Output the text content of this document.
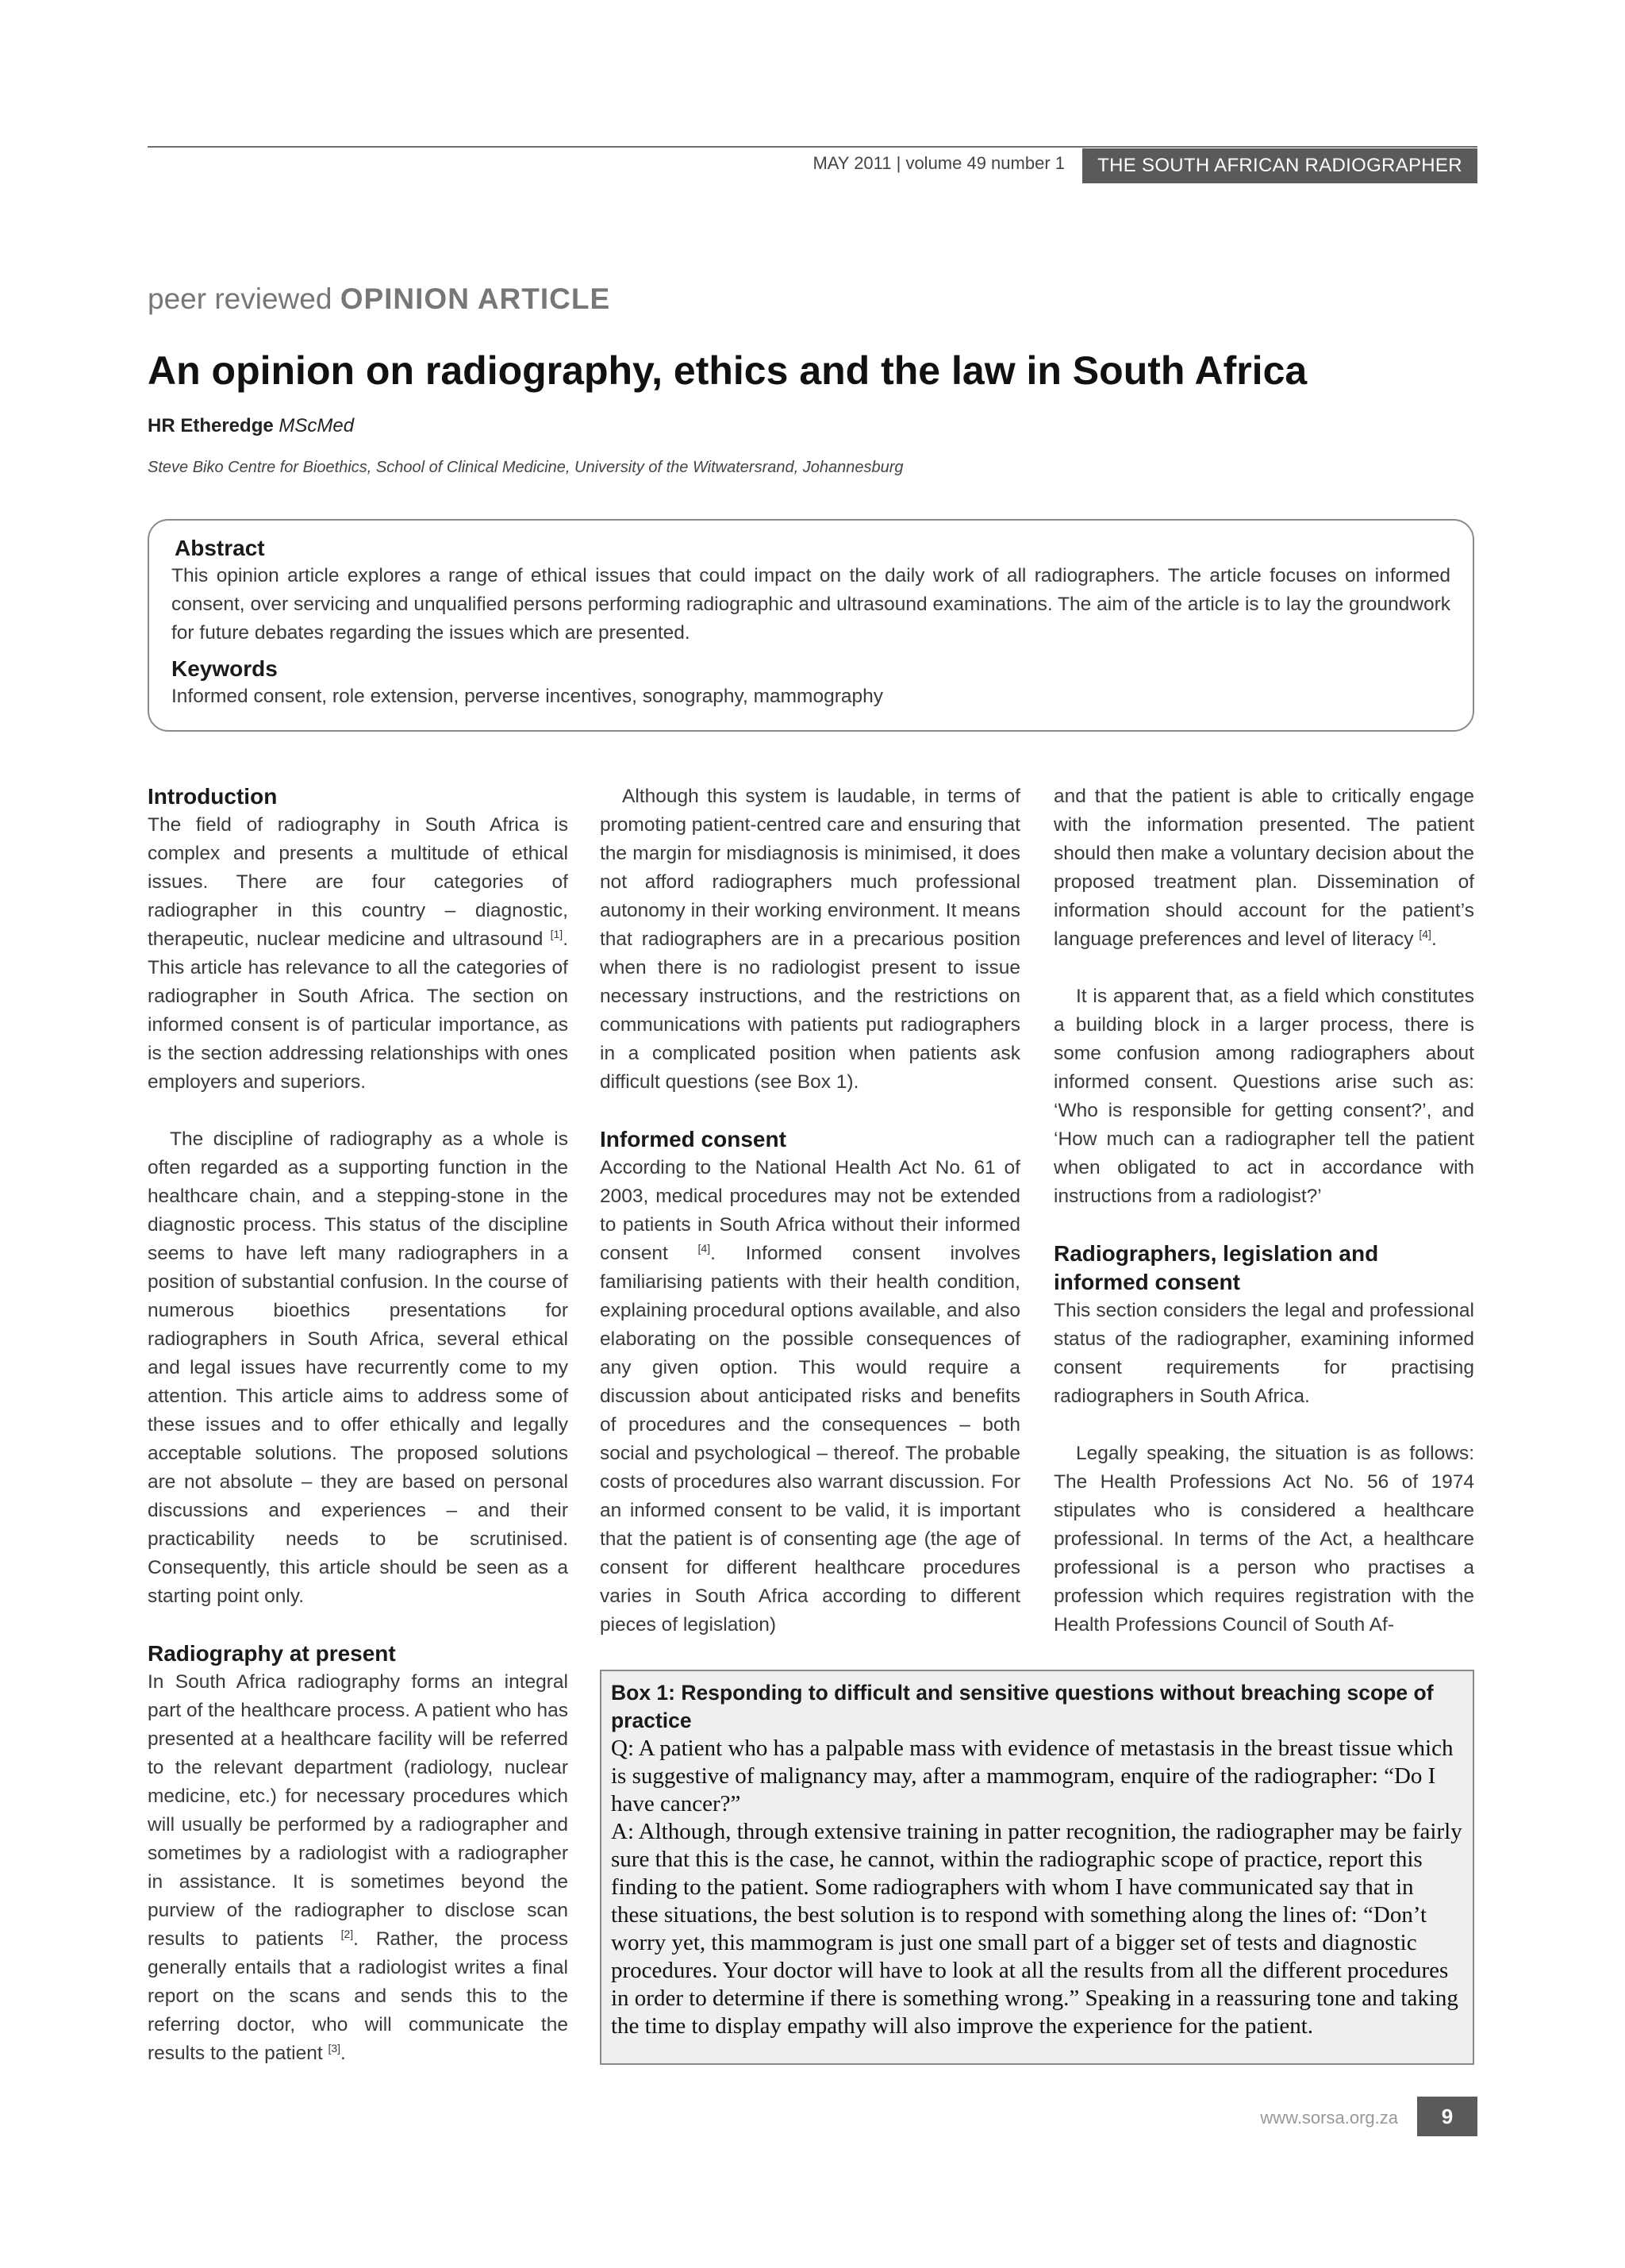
MAY 2011 | volume 49 number 1	THE SOUTH AFRICAN RADIOGRAPHER
peer reviewed OPINION ARTICLE
An opinion on radiography, ethics and the law in South Africa
HR Etheredge MScMed
Steve Biko Centre for Bioethics, School of Clinical Medicine, University of the Witwatersrand, Johannesburg
Abstract
This opinion article explores a range of ethical issues that could impact on the daily work of all radiographers. The article focuses on informed consent, over servicing and unqualified persons performing radiographic and ultrasound examinations. The aim of the article is to lay the groundwork for future debates regarding the issues which are presented.
Keywords
Informed consent, role extension, perverse incentives, sonography, mammography
Introduction

The field of radiography in South Africa is complex and presents a multitude of ethical issues. There are four categories of radiographer in this country – diagnostic, therapeutic, nuclear medicine and ultrasound [1]. This article has relevance to all the categories of radiographer in South Africa. The section on informed consent is of particular importance, as is the section addressing relationships with ones employers and superiors.

The discipline of radiography as a whole is often regarded as a supporting function in the healthcare chain, and a stepping-stone in the diagnostic process. This status of the discipline seems to have left many radiographers in a position of substantial confusion. In the course of numerous bioethics presentations for radiographers in South Africa, several ethical and legal issues have recurrently come to my attention. This article aims to address some of these issues and to offer ethically and legally acceptable solutions. The proposed solutions are not absolute – they are based on personal discussions and experiences – and their practicability needs to be scrutinised. Consequently, this article should be seen as a starting point only.

Radiography at present

In South Africa radiography forms an integral part of the healthcare process. A patient who has presented at a healthcare facility will be referred to the relevant department (radiology, nuclear medicine, etc.) for necessary procedures which will usually be performed by a radiographer and sometimes by a radiologist with a radiographer in assistance. It is sometimes beyond the purview of the radiographer to disclose scan results to patients [2]. Rather, the process generally entails that a radiologist writes a final report on the scans and sends this to the referring doctor, who will communicate the results to the patient [3].

Although this system is laudable, in terms of promoting patient-centred care and ensuring that the margin for misdiagnosis is minimised, it does not afford radiographers much professional autonomy in their working environment. It means that radiographers are in a precarious position when there is no radiologist present to issue necessary instructions, and the restrictions on communications with patients put radiographers in a complicated position when patients ask difficult questions (see Box 1).

Informed consent

According to the National Health Act No. 61 of 2003, medical procedures may not be extended to patients in South Africa without their informed consent [4]. Informed consent involves familiarising patients with their health condition, explaining procedural options available, and also elaborating on the possible consequences of any given option. This would require a discussion about anticipated risks and benefits of procedures and the consequences – both social and psychological – thereof. The probable costs of procedures also warrant discussion. For an informed consent to be valid, it is important that the patient is of consenting age (the age of consent for different healthcare procedures varies in South Africa according to different pieces of legislation)

and that the patient is able to critically engage with the information presented. The patient should then make a voluntary decision about the proposed treatment plan. Dissemination of information should account for the patient’s language preferences and level of literacy [4].

It is apparent that, as a field which constitutes a building block in a larger process, there is some confusion among radiographers about informed consent. Questions arise such as: ‘Who is responsible for getting consent?’, and ‘How much can a radiographer tell the patient when obligated to act in accordance with instructions from a radiologist?’

Radiographers, legislation and
informed consent

This section considers the legal and professional status of the radiographer, examining informed consent requirements for practising radiographers in South Africa.

Legally speaking, the situation is as follows: The Health Professions Act No. 56 of 1974 stipulates who is considered a healthcare professional. In terms of the Act, a healthcare professional is a person who practises a profession which requires registration with the Health Professions Council of South Af-

Box 1: Responding to difficult and sensitive questions without breaching scope of practice
Q: A patient who has a palpable mass with evidence of metastasis in the breast tissue which is suggestive of malignancy may, after a mammogram, enquire of the radiographer: “Do I have cancer?”
A: Although, through extensive training in patter recognition, the radiographer may be fairly sure that this is the case, he cannot, within the radiographic scope of practice, report this finding to the patient. Some radiographers with whom I have communicated say that in these situations, the best solution is to respond with something along the lines of: “Don’t worry yet, this mammogram is just one small part of a bigger set of tests and diagnostic procedures. Your doctor will have to look at all the results from all the different procedures in order to determine if there is something wrong.” Speaking in a reassuring tone and taking the time to display empathy will also improve the experience for the patient.
www.sorsa.org.za	9
